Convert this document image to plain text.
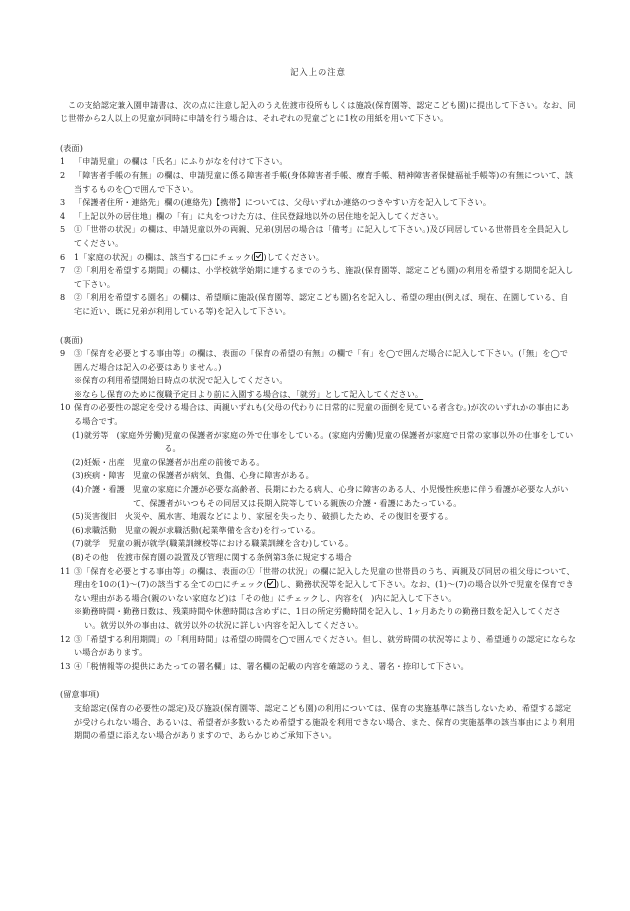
記入上の注意

この支給認定兼入園申請書は、次の点に注意し記入のうえ佐渡市役所もしくは施設(保育園等、認定こども園)に提出して下さい。なお、同じ世帯から2人以上の児童が同時に申請を行う場合は、それぞれの児童ごとに1枚の用紙を用いて下さい。

(表面)

1	「申請児童」の欄は「氏名」にふりがなを付けて下さい。
2	「障害者手帳の有無」の欄は、申請児童に係る障害者手帳(身体障害者手帳、療育手帳、精神障害者保健福祉手帳等)の有無について、該当するものを◯で囲んで下さい。
3	「保護者住所・連絡先」欄の(連絡先)【携帯】については、父母いずれか連絡のつきやすい方を記入して下さい。
4	「上記以外の居住地」欄の「有」に丸をつけた方は、住民登録地以外の居住地を記入してください。
5	①「世帯の状況」の欄は、申請児童以外の両親、兄弟(別居の場合は「備考」に記入して下さい。)及び同居している世帯員を全員記入してください。
6	1「家庭の状況」の欄は、該当する□にチェック( )してください。
7	②「利用を希望する期間」の欄は、小学校就学始期に達するまでのうち、施設(保育園等、認定こども園)の利用を希望する期間を記入して下さい。
8	②「利用を希望する園名」の欄は、希望順に施設(保育園等、認定こども園)名を記入し、希望の理由(例えば、現在、在園している、自宅に近い、既に兄弟が利用している等)を記入して下さい。

(裏面)

9	③「保育を必要とする事由等」の欄は、表面の「保育の希望の有無」の欄で「有」を◯で囲んだ場合に記入して下さい。(「無」を◯で囲んだ場合は記入の必要はありません。)

※保育の利用希望開始日時点の状況で記入してください。

※ならし保育のために復職予定日より前に入園する場合は、「就労」として記入してください。

10 保育の必要性の認定を受ける場合は、両親いずれも(父母の代わりに日常的に児童の面倒を見ている者含む。)が次のいずれかの事由にある場合です。
(1)就労等　(家庭外労働) 児童の保護者が家庭の外で仕事をしている。(家庭内労働)児童の保護者が家庭で日常の家事以外の仕事をしている。
(2)妊娠・出産　 児童の保護者が出産の前後である。
(3)疾病・障害　 児童の保護者が病気、負傷、心身に障害がある。
(4)介護・看護　 児童の家庭に介護が必要な高齢者、長期にわたる病人、心身に障害のある人、小児慢性疾患に伴う看護が必要な人がいて、保護者がいつもその同居又は長期入院等している親族の介護・看護にあたっている。
(5)災害復旧　 火災や、風水害、地震などにより、家屋を失ったり、破損したため、その復旧を要する。
(6)求職活動　 児童の親が求職活動(起業準備を含む)を行っている。
(7)就学　 児童の親が就学(職業訓練校等における職業訓練を含む)している。
(8)その他　 佐渡市保育園の設置及び管理に関する条例第3条に規定する場合
11 ③「保育を必要とする事由等」の欄は、表面の①「世帯の状況」の欄に記入した児童の世帯員のうち、両親及び同居の祖父母について、理由を10の(1)～(7)の該当する全ての□にチェック( )し、勤務状況等を記入して下さい。なお、(1)～(7)の場合以外で児童を保育できない理由がある場合(親のいない家庭など)は「その他」にチェックし、内容を(　)内に記入して下さい。

※勤務時間・勤務日数は、残業時間や休憩時間は含めずに、1日の所定労働時間を記入し、1ヶ月あたりの勤務日数を記入してください。就労以外の事由は、就労以外の状況に詳しい内容を記入してください。

12 ③「希望する利用期間」の「利用時間」は希望の時間を◯で囲んでください。但し、就労時間の状況等により、希望通りの認定にならない場合があります。
13 ④「税情報等の提供にあたっての署名欄」は、署名欄の記載の内容を確認のうえ、署名・捺印して下さい。

(留意事項)

支給認定(保育の必要性の認定)及び施設(保育園等、認定こども園)の利用については、保育の実施基準に該当しないため、希望する認定が受けられない場合、あるいは、希望者が多数いるため希望する施設を利用できない場合、また、保育の実施基準の該当事由により利用期間の希望に添えない場合がありますので、あらかじめご承知下さい。
